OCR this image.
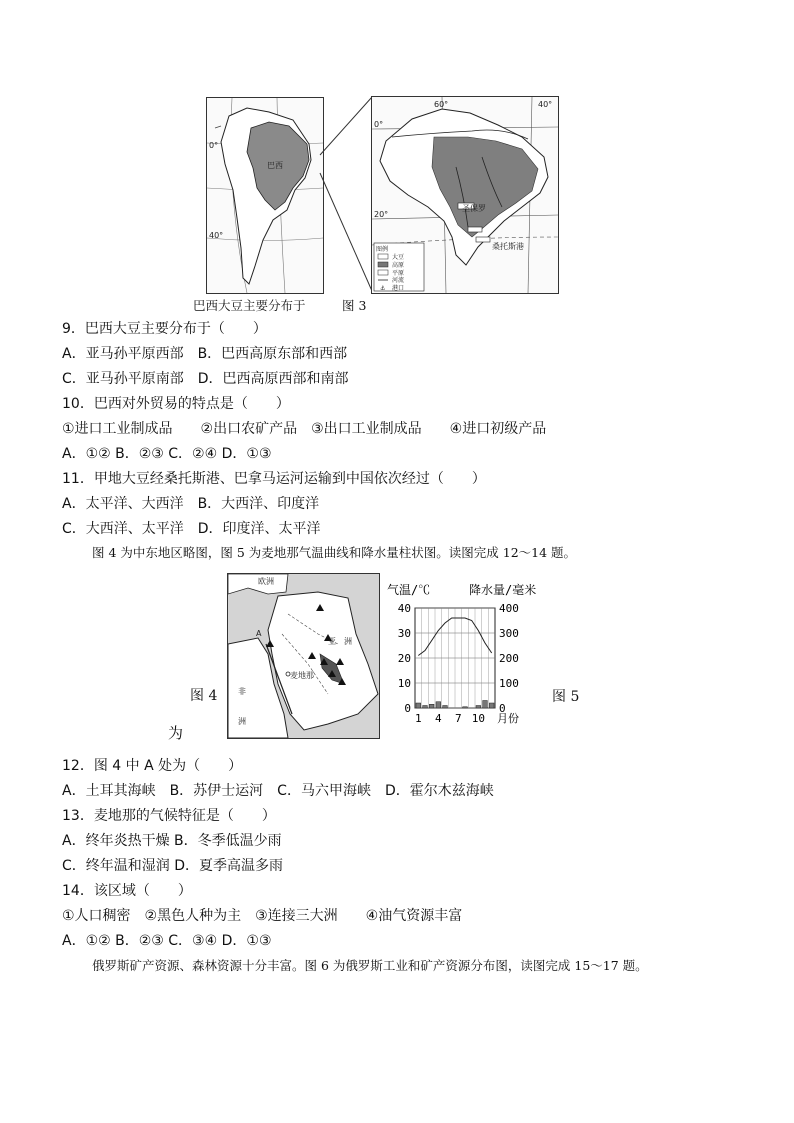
巴西
0°
40°
圣保罗
桑托斯港
60°	40°
0°
20°
图例
大豆
高原
平原
河流
⚓ 港口
巴西大豆主要分布于	图 3
9．巴西大豆主要分布于（　　）
A．亚马孙平原西部　B．巴西高原东部和西部
C．亚马孙平原南部　D．巴西高原西部和南部
10．巴西对外贸易的特点是（　　）
①进口工业制成品　　②出口农矿产品　③出口工业制成品　　④进口初级产品
A．①② B．②③ C．②④ D．①③
11．甲地大豆经桑托斯港、巴拿马运河运输到中国依次经过（　　）
A．太平洋、大西洋　B．大西洋、印度洋
C．大西洋、太平洋　D．印度洋、太平洋
图 4 为中东地区略图，图 5 为麦地那气温曲线和降水量柱状图。读图完成 12～14 题。
图 4
为
欧洲
亚　洲
非
洲
麦地那
A
气温/℃	降水量/毫米
40	400
30	300
20	200
10	100
0	0
1 4 7 10 月份
图 5
12．图 4 中 A 处为（　　）
A．土耳其海峡　B．苏伊士运河　C．马六甲海峡　D．霍尔木兹海峡
13．麦地那的气候特征是（　　）
A．终年炎热干燥 B．冬季低温少雨
C．终年温和湿润 D．夏季高温多雨
14．该区域（　　）
①人口稠密　②黑色人种为主　③连接三大洲　　④油气资源丰富
A．①② B．②③ C．③④ D．①③
俄罗斯矿产资源、森林资源十分丰富。图 6 为俄罗斯工业和矿产资源分布图，读图完成 15～17 题。
